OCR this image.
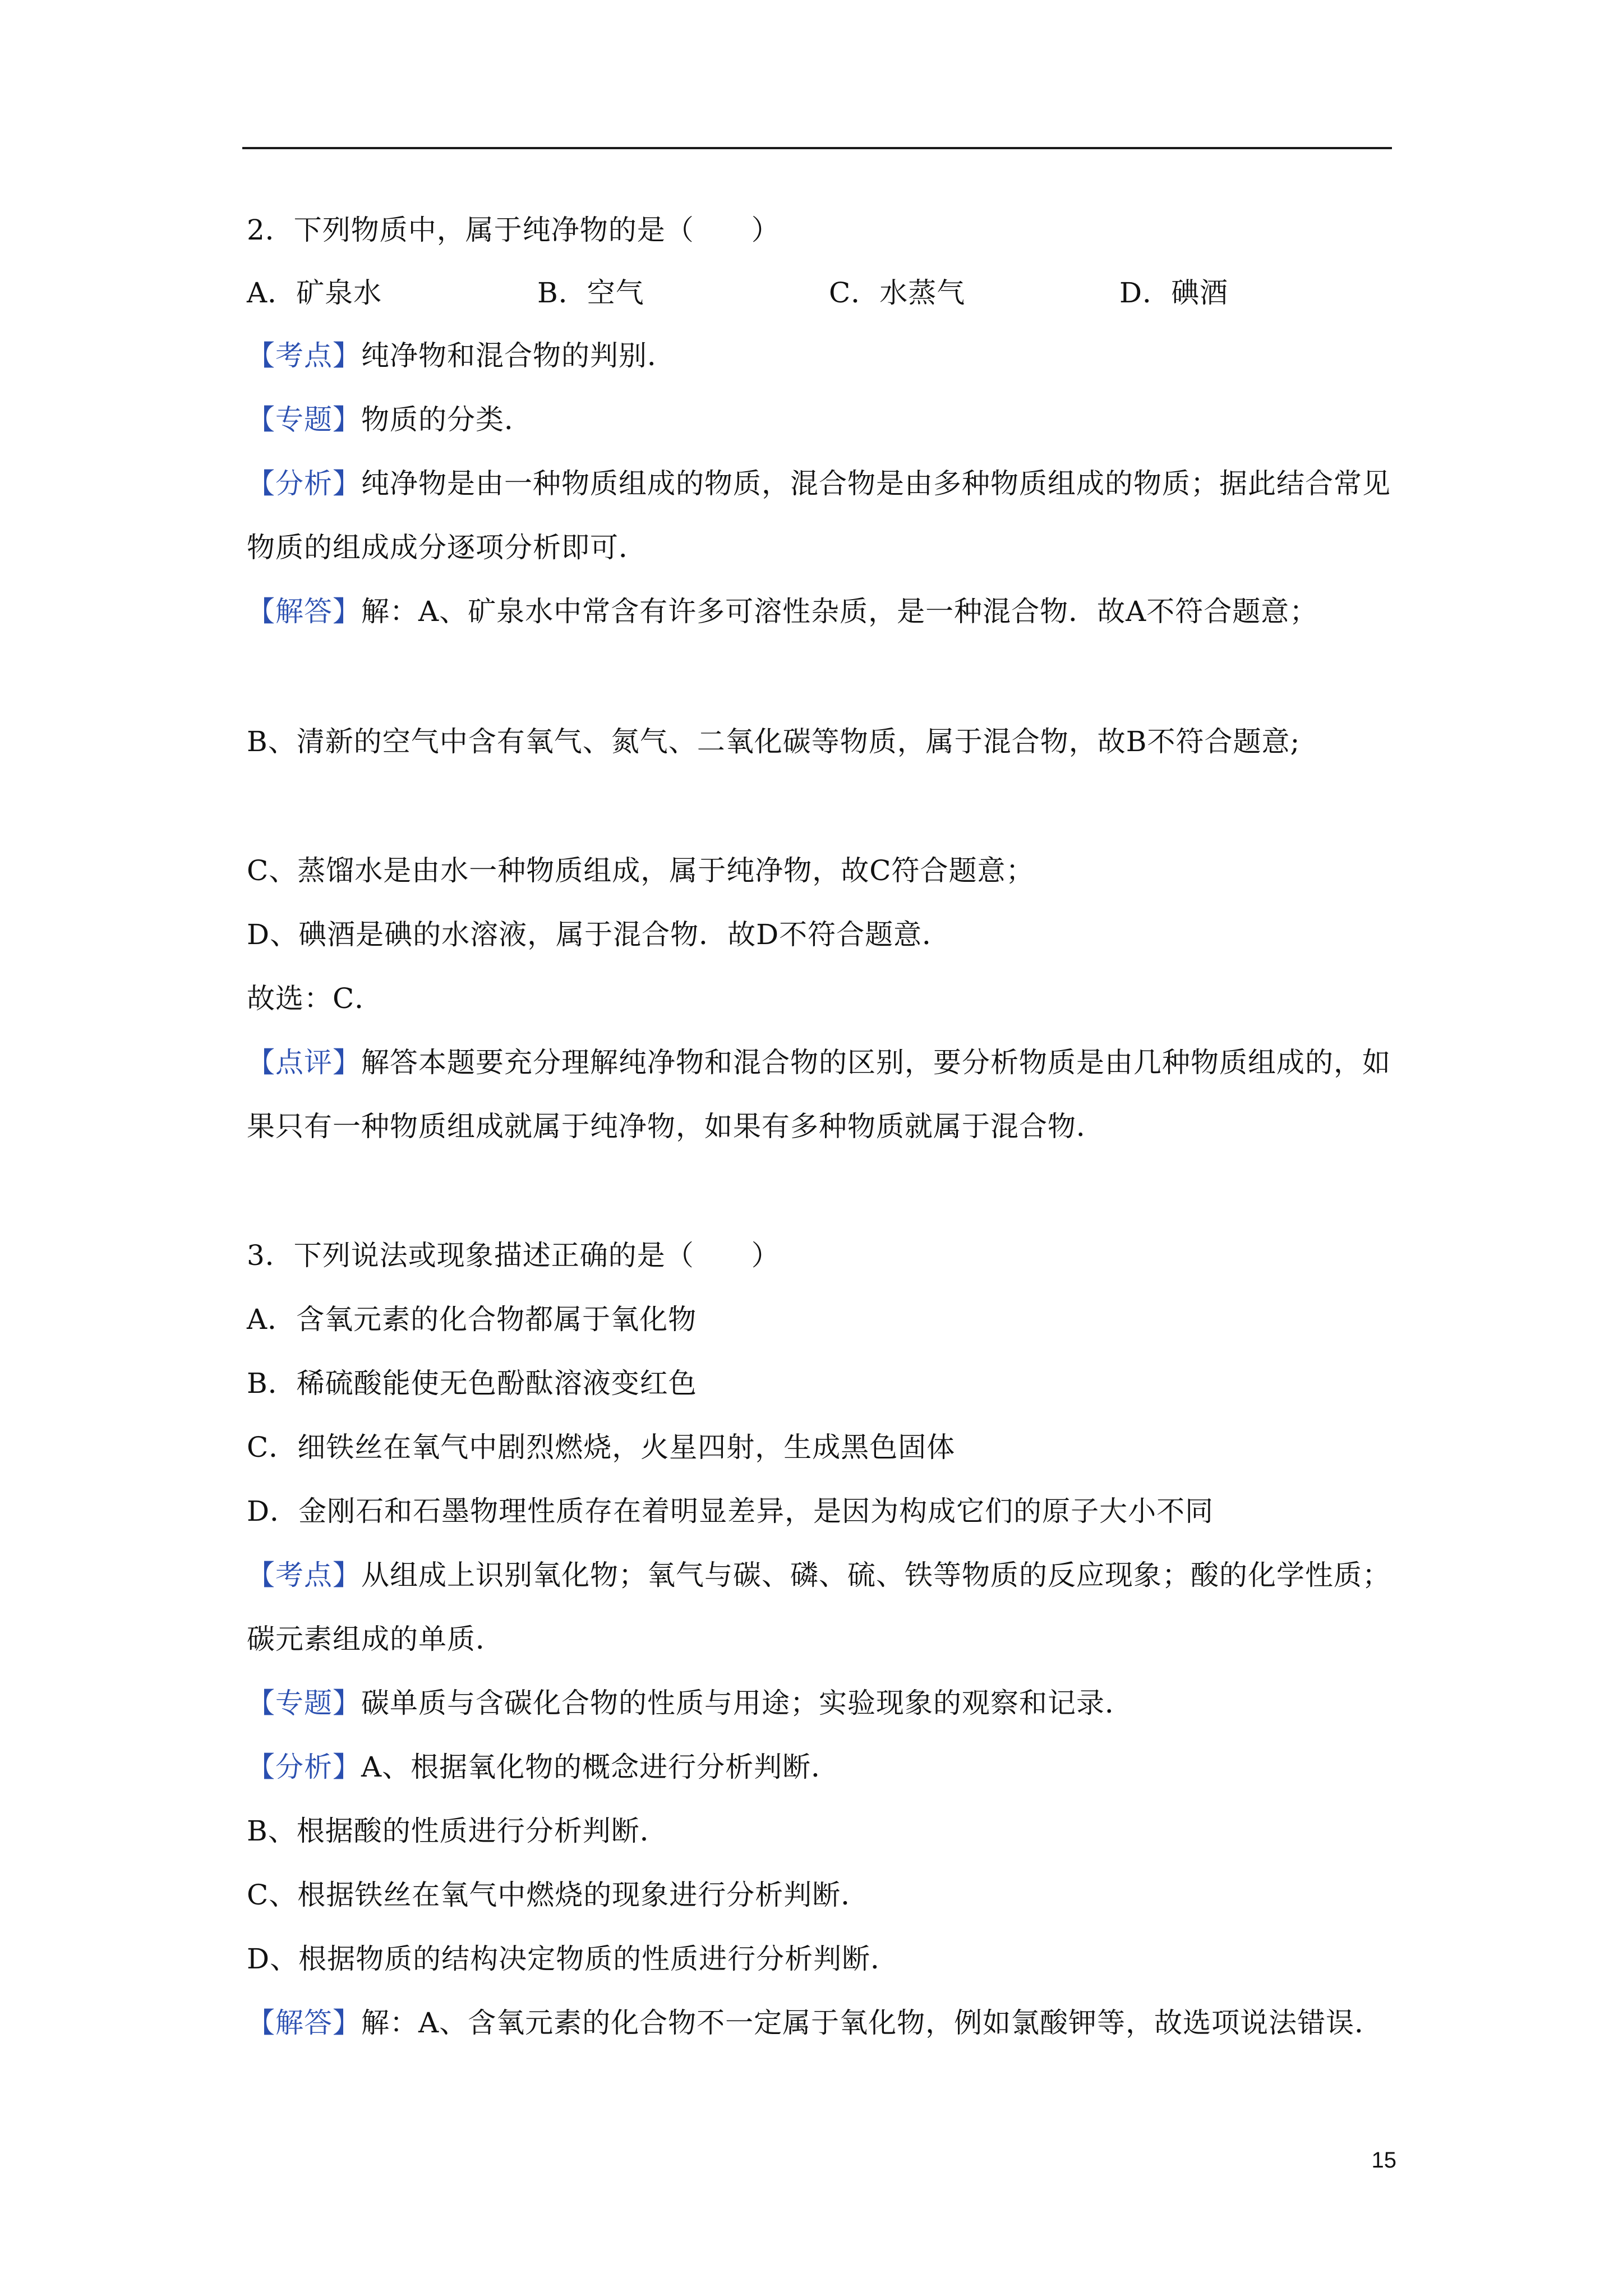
2．下列物质中，属于纯净物的是（　　）
A．矿泉水	B．空气	C．水蒸气	D．碘酒
【考点】纯净物和混合物的判别．
【专题】物质的分类．
【分析】纯净物是由一种物质组成的物质，混合物是由多种物质组成的物质；据此结合常见
物质的组成成分逐项分析即可．
【解答】解：A、矿泉水中常含有许多可溶性杂质，是一种混合物．故A不符合题意；
B、清新的空气中含有氧气、氮气、二氧化碳等物质，属于混合物，故B不符合题意;
C、蒸馏水是由水一种物质组成，属于纯净物，故C符合题意；
D、碘酒是碘的水溶液，属于混合物．故D不符合题意．
故选：C．
【点评】解答本题要充分理解纯净物和混合物的区别，要分析物质是由几种物质组成的，如
果只有一种物质组成就属于纯净物，如果有多种物质就属于混合物．
3．下列说法或现象描述正确的是（　　）
A．含氧元素的化合物都属于氧化物
B．稀硫酸能使无色酚酞溶液变红色
C．细铁丝在氧气中剧烈燃烧，火星四射，生成黑色固体
D．金刚石和石墨物理性质存在着明显差异，是因为构成它们的原子大小不同
【考点】从组成上识别氧化物；氧气与碳、磷、硫、铁等物质的反应现象；酸的化学性质；
碳元素组成的单质．
【专题】碳单质与含碳化合物的性质与用途；实验现象的观察和记录．
【分析】A、根据氧化物的概念进行分析判断．
B、根据酸的性质进行分析判断．
C、根据铁丝在氧气中燃烧的现象进行分析判断．
D、根据物质的结构决定物质的性质进行分析判断．
【解答】解：A、含氧元素的化合物不一定属于氧化物，例如氯酸钾等，故选项说法错误．
15
